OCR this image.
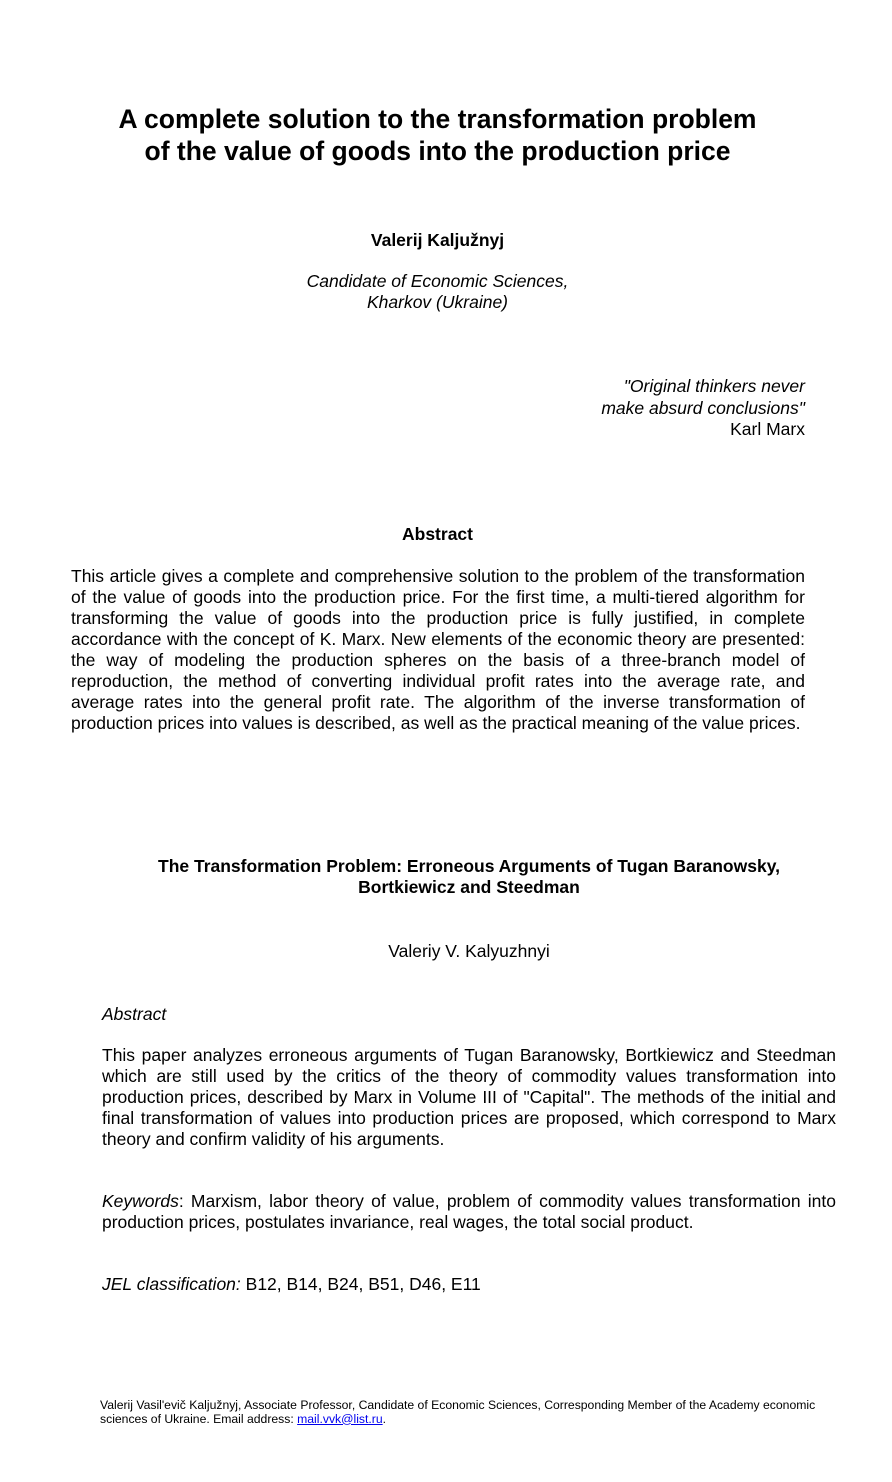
A complete solution to the transformation problem
of the value of goods into the production price
Valerij Kaljužnyj
Candidate of Economic Sciences,
Kharkov (Ukraine)
"Original thinkers never
make absurd conclusions"
Karl Marx
Abstract

This article gives a complete and comprehensive solution to the problem of the transformation of the value of goods into the production price. For the first time, a multi-tiered algorithm for transforming the value of goods into the production price is fully justified, in complete accordance with the concept of K. Marx. New elements of the economic theory are presented: the way of modeling the production spheres on the basis of a three-branch model of reproduction, the method of converting individual profit rates into the average rate, and average rates into the general profit rate. The algorithm of the inverse transformation of production prices into values is described, as well as the practical meaning of the value prices.

The Transformation Problem: Erroneous Arguments of Tugan Baranowsky,
Bortkiewicz and Steedman
Valeriy V. Kalyuzhnyi
Abstract

This paper analyzes erroneous arguments of Tugan Baranowsky, Bortkiewicz and Steedman which are still used by the critics of the theory of commodity values transformation into production prices, described by Marx in Volume III of "Capital". The methods of the initial and final transformation of values into production prices are proposed, which correspond to Marx theory and confirm validity of his arguments.

Keywords: Marxism, labor theory of value, problem of commodity values transformation into production prices, postulates invariance, real wages, the total social product.

JEL classification: B12, B14, B24, B51, D46, E11

Valerij Vasil'evič Kaljužnyj, Associate Professor, Candidate of Economic Sciences, Corresponding Member of the Academy economic sciences of Ukraine. Email address: mail.vvk@list.ru.
